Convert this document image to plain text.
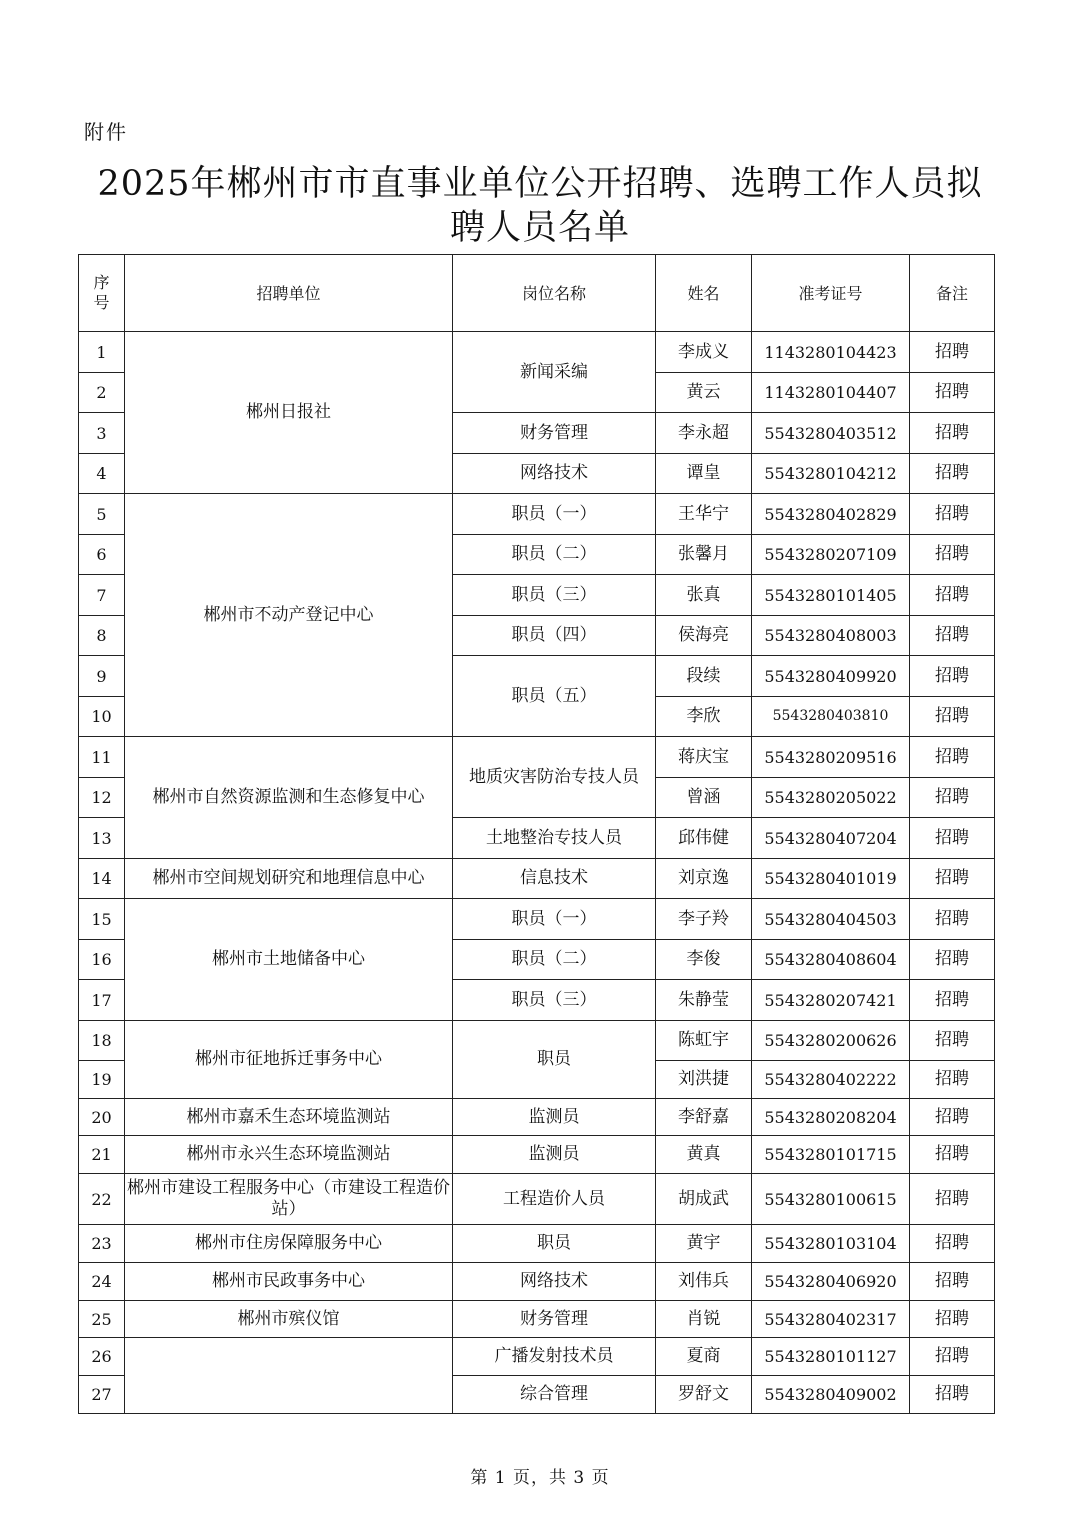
附件
2025年郴州市市直事业单位公开招聘、选聘工作人员拟
聘人员名单
序
号	招聘单位	岗位名称	姓名	准考证号	备注
1	郴州日报社	新闻采编	李成义	1143280104423	招聘
2			黄云	1143280104407	招聘
3		财务管理	李永超	5543280403512	招聘
4		网络技术	谭皇	5543280104212	招聘
5	郴州市不动产登记中心	职员（一）	王华宁	5543280402829	招聘
6		职员（二）	张馨月	5543280207109	招聘
7		职员（三）	张真	5543280101405	招聘
8		职员（四）	侯海亮	5543280408003	招聘
9		职员（五）	段续	5543280409920	招聘
10			李欣	5543280403810	招聘
11	郴州市自然资源监测和生态修复中心	地质灾害防治专技人员	蒋庆宝	5543280209516	招聘
12			曾涵	5543280205022	招聘
13		土地整治专技人员	邱伟健	5543280407204	招聘
14	郴州市空间规划研究和地理信息中心	信息技术	刘京逸	5543280401019	招聘
15	郴州市土地储备中心	职员（一）	李子羚	5543280404503	招聘
16		职员（二）	李俊	5543280408604	招聘
17		职员（三）	朱静莹	5543280207421	招聘
18	郴州市征地拆迁事务中心	职员	陈虹宇	5543280200626	招聘
19			刘洪捷	5543280402222	招聘
20	郴州市嘉禾生态环境监测站	监测员	李舒嘉	5543280208204	招聘
21	郴州市永兴生态环境监测站	监测员	黄真	5543280101715	招聘
22	郴州市建设工程服务中心（市建设工程造价站）	工程造价人员	胡成武	5543280100615	招聘
23	郴州市住房保障服务中心	职员	黄宇	5543280103104	招聘
24	郴州市民政事务中心	网络技术	刘伟兵	5543280406920	招聘
25	郴州市殡仪馆	财务管理	肖锐	5543280402317	招聘
26		广播发射技术员	夏商	5543280101127	招聘
27		综合管理	罗舒文	5543280409002	招聘
第 1 页，共 3 页
